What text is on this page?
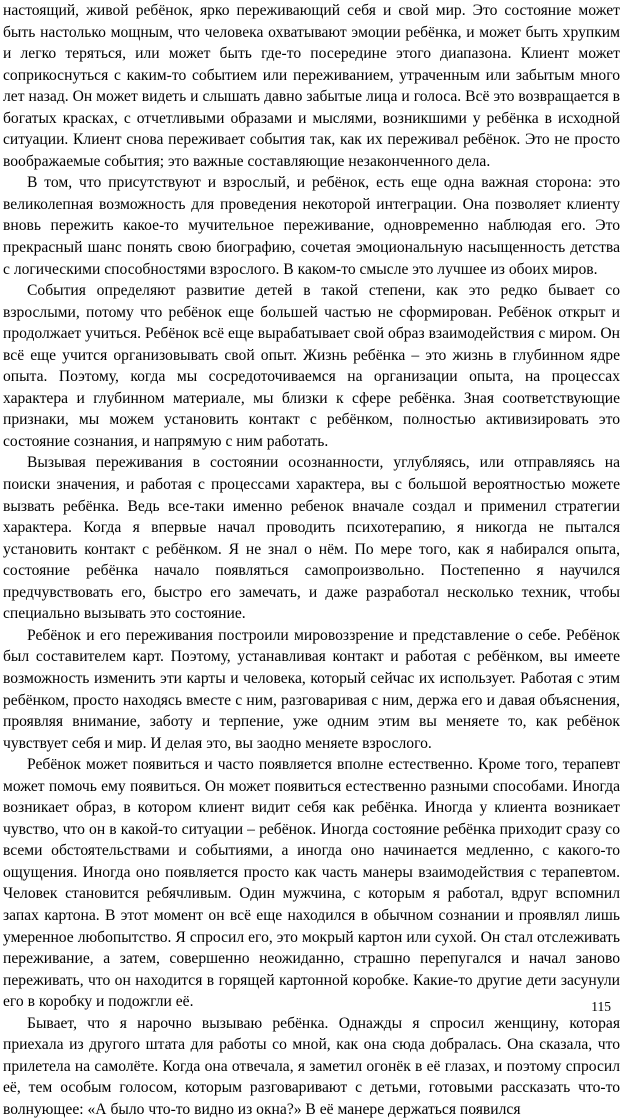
настоящий, живой ребёнок, ярко переживающий себя и свой мир. Это состояние может быть настолько мощным, что человека охватывают эмоции ребёнка, и может быть хрупким и легко теряться, или может быть где-то посередине этого диапазона. Клиент может соприкоснуться с каким-то событием или переживанием, утраченным или забытым много лет назад. Он может видеть и слышать давно забытые лица и голоса. Всё это возвращается в богатых красках, с отчетливыми образами и мыслями, возникшими у ребёнка в исходной ситуации. Клиент снова переживает события так, как их переживал ребёнок. Это не просто воображаемые события; это важные составляющие незаконченного дела.

В том, что присутствуют и взрослый, и ребёнок, есть еще одна важная сторона: это великолепная возможность для проведения некоторой интеграции. Она позволяет клиенту вновь пережить какое-то мучительное переживание, одновременно наблюдая его. Это прекрасный шанс понять свою биографию, сочетая эмоциональную насыщенность детства с логическими способностями взрослого. В каком-то смысле это лучшее из обоих миров.

События определяют развитие детей в такой степени, как это редко бывает со взрослыми, потому что ребёнок еще большей частью не сформирован. Ребёнок открыт и продолжает учиться. Ребёнок всё еще вырабатывает свой образ взаимодействия с миром. Он всё еще учится организовывать свой опыт. Жизнь ребёнка – это жизнь в глубинном ядре опыта. Поэтому, когда мы сосредоточиваемся на организации опыта, на процессах характера и глубинном материале, мы близки к сфере ребёнка. Зная соответствующие признаки, мы можем установить контакт с ребёнком, полностью активизировать это состояние сознания, и напрямую с ним работать.

Вызывая переживания в состоянии осознанности, углубляясь, или отправляясь на поиски значения, и работая с процессами характера, вы с большой вероятностью можете вызвать ребёнка. Ведь все-таки именно ребенок вначале создал и применил стратегии характера. Когда я впервые начал проводить психотерапию, я никогда не пытался установить контакт с ребёнком. Я не знал о нём. По мере того, как я набирался опыта, состояние ребёнка начало появляться самопроизвольно. Постепенно я научился предчувствовать его, быстро его замечать, и даже разработал несколько техник, чтобы специально вызывать это состояние.

Ребёнок и его переживания построили мировоззрение и представление о себе. Ребёнок был составителем карт. Поэтому, устанавливая контакт и работая с ребёнком, вы имеете возможность изменить эти карты и человека, который сейчас их использует. Работая с этим ребёнком, просто находясь вместе с ним, разговаривая с ним, держа его и давая объяснения, проявляя внимание, заботу и терпение, уже одним этим вы меняете то, как ребёнок чувствует себя и мир. И делая это, вы заодно меняете взрослого.

Ребёнок может появиться и часто появляется вполне естественно. Кроме того, терапевт может помочь ему появиться. Он может появиться естественно разными способами. Иногда возникает образ, в котором клиент видит себя как ребёнка. Иногда у клиента возникает чувство, что он в какой-то ситуации – ребёнок. Иногда состояние ребёнка приходит сразу со всеми обстоятельствами и событиями, а иногда оно начинается медленно, с какого-то ощущения. Иногда оно появляется просто как часть манеры взаимодействия с терапевтом. Человек становится ребячливым. Один мужчина, с которым я работал, вдруг вспомнил запах картона. В этот момент он всё еще находился в обычном сознании и проявлял лишь умеренное любопытство. Я спросил его, это мокрый картон или сухой. Он стал отслеживать переживание, а затем, совершенно неожиданно, страшно перепугался и начал заново переживать, что он находится в горящей картонной коробке. Какие-то другие дети засунули его в коробку и подожгли её.

Бывает, что я нарочно вызываю ребёнка. Однажды я спросил женщину, которая приехала из другого штата для работы со мной, как она сюда добралась. Она сказала, что прилетела на самолёте. Когда она отвечала, я заметил огонёк в её глазах, и поэтому спросил её, тем особым голосом, которым разговаривают с детьми, готовыми рассказать что-то волнующее: «А было что-то видно из окна?» В её манере держаться появился

115
